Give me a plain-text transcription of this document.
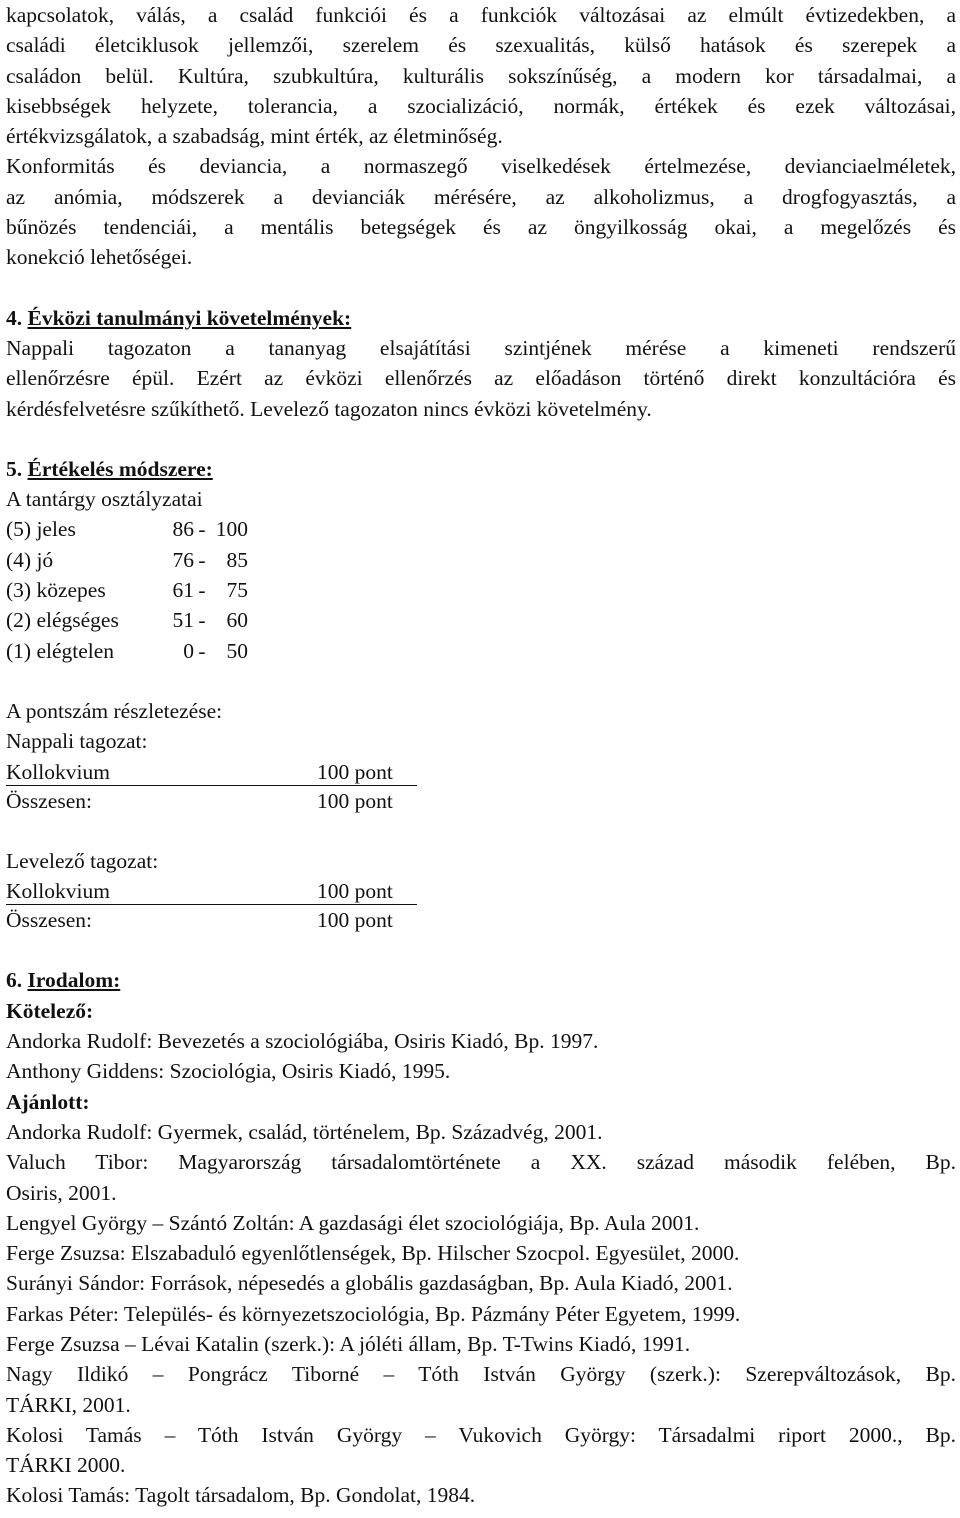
kapcsolatok, válás, a család funkciói és a funkciók változásai az elmúlt évtizedekben, a

családi életciklusok jellemzői, szerelem és szexualitás, külső hatások és szerepek a

családon belül. Kultúra, szubkultúra, kulturális sokszínűség, a modern kor társadalmai, a

kisebbségek helyzete, tolerancia, a szocializáció, normák, értékek és ezek változásai,

értékvizsgálatok, a szabadság, mint érték, az életminőség.

Konformitás és deviancia, a normaszegő viselkedések értelmezése, devianciaelméletek,

az anómia, módszerek a devianciák mérésére, az alkoholizmus, a drogfogyasztás, a

bűnözés tendenciái, a mentális betegségek és az öngyilkosság okai, a megelőzés és

konekció lehetőségei.

4. Évközi tanulmányi követelmények:

Nappali tagozaton a tananyag elsajátítási szintjének mérése a kimeneti rendszerű

ellenőrzésre épül. Ezért az évközi ellenőrzés az előadáson történő direkt konzultációra és

kérdésfelvetésre szűkíthető. Levelező tagozaton nincs évközi követelmény.

5. Értékelés módszere:

A tantárgy osztályzatai

(5) jeles	86 - 100
(4) jó	76 - 85
(3) közepes	61 - 75
(2) elégséges	51 - 60
(1) elégtelen	0 - 50

A pontszám részletezése:

Nappali tagozat:

Kollokvium	100 pont
Összesen:	100 pont

Levelező tagozat:

Kollokvium	100 pont
Összesen:	100 pont

6. Irodalom:

Kötelező:

Andorka Rudolf: Bevezetés a szociológiába, Osiris Kiadó, Bp. 1997.

Anthony Giddens: Szociológia, Osiris Kiadó, 1995.

Ajánlott:

Andorka Rudolf: Gyermek, család, történelem, Bp. Századvég, 2001.

Valuch Tibor: Magyarország társadalomtörténete a XX. század második felében, Bp.

Osiris, 2001.

Lengyel György – Szántó Zoltán: A gazdasági élet szociológiája, Bp. Aula 2001.

Ferge Zsuzsa: Elszabaduló egyenlőtlenségek, Bp. Hilscher Szocpol. Egyesület, 2000.

Surányi Sándor: Források, népesedés a globális gazdaságban, Bp. Aula Kiadó, 2001.

Farkas Péter: Település- és környezetszociológia, Bp. Pázmány Péter Egyetem, 1999.

Ferge Zsuzsa – Lévai Katalin (szerk.): A jóléti állam, Bp. T-Twins Kiadó, 1991.

Nagy Ildikó – Pongrácz Tiborné – Tóth István György (szerk.): Szerepváltozások, Bp.

TÁRKI, 2001.

Kolosi Tamás – Tóth István György – Vukovich György: Társadalmi riport 2000., Bp.

TÁRKI 2000.

Kolosi Tamás: Tagolt társadalom, Bp. Gondolat, 1984.
